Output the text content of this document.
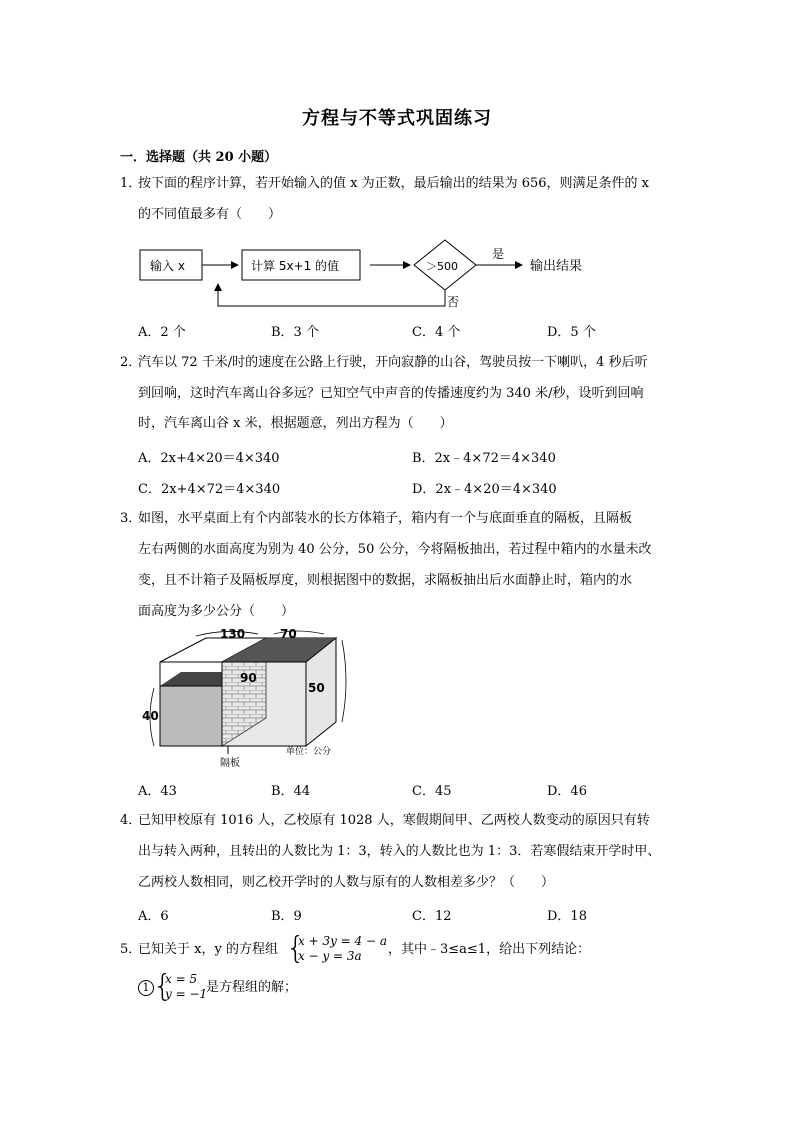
方程与不等式巩固练习
一．选择题（共 20 小题）
1．
按下面的程序计算，若开始输入的值 x 为正数，最后输出的结果为 656，则满足条件的 x
的不同值最多有（　　）
输入 x	计算 5x+1 的值	＞500
是
输出结果
否
A．2 个	B．3 个	C．4 个	D．5 个
2．
汽车以 72 千米/时的速度在公路上行驶，开向寂静的山谷，驾驶员按一下喇叭，4 秒后听
到回响，这时汽车离山谷多远？已知空气中声音的传播速度约为 340 米/秒，设听到回响
时，汽车离山谷 x 米，根据题意，列出方程为（　　）
A．2x+4×20＝4×340	B．2x﹣4×72＝4×340
C．2x+4×72＝4×340	D．2x﹣4×20＝4×340
3．
如图，水平桌面上有个内部装水的长方体箱子，箱内有一个与底面垂直的隔板，且隔板
左右两侧的水面高度为别为 40 公分，50 公分，今将隔板抽出，若过程中箱内的水量未改
变，且不计箱子及隔板厚度，则根据图中的数据，求隔板抽出后水面静止时，箱内的水
面高度为多少公分（　　）
130	70
90
50
40
隔板
单位：公分
A．43	B．44	C．45	D．46
4．
已知甲校原有 1016 人，乙校原有 1028 人，寒假期间甲、乙两校人数变动的原因只有转
出与转入两种，且转出的人数比为 1：3，转入的人数比也为 1：3．若寒假结束开学时甲、
乙两校人数相同，则乙校开学时的人数与原有的人数相差多少？（　　）
A．6	B．9	C．12	D．18
5．
已知关于 x，y 的方程组 {
x + 3y = 4 − a
x − y = 3a ，其中﹣3≤a≤1，给出下列结论：
1 {
x = 5
y = −1
是方程组的解；
